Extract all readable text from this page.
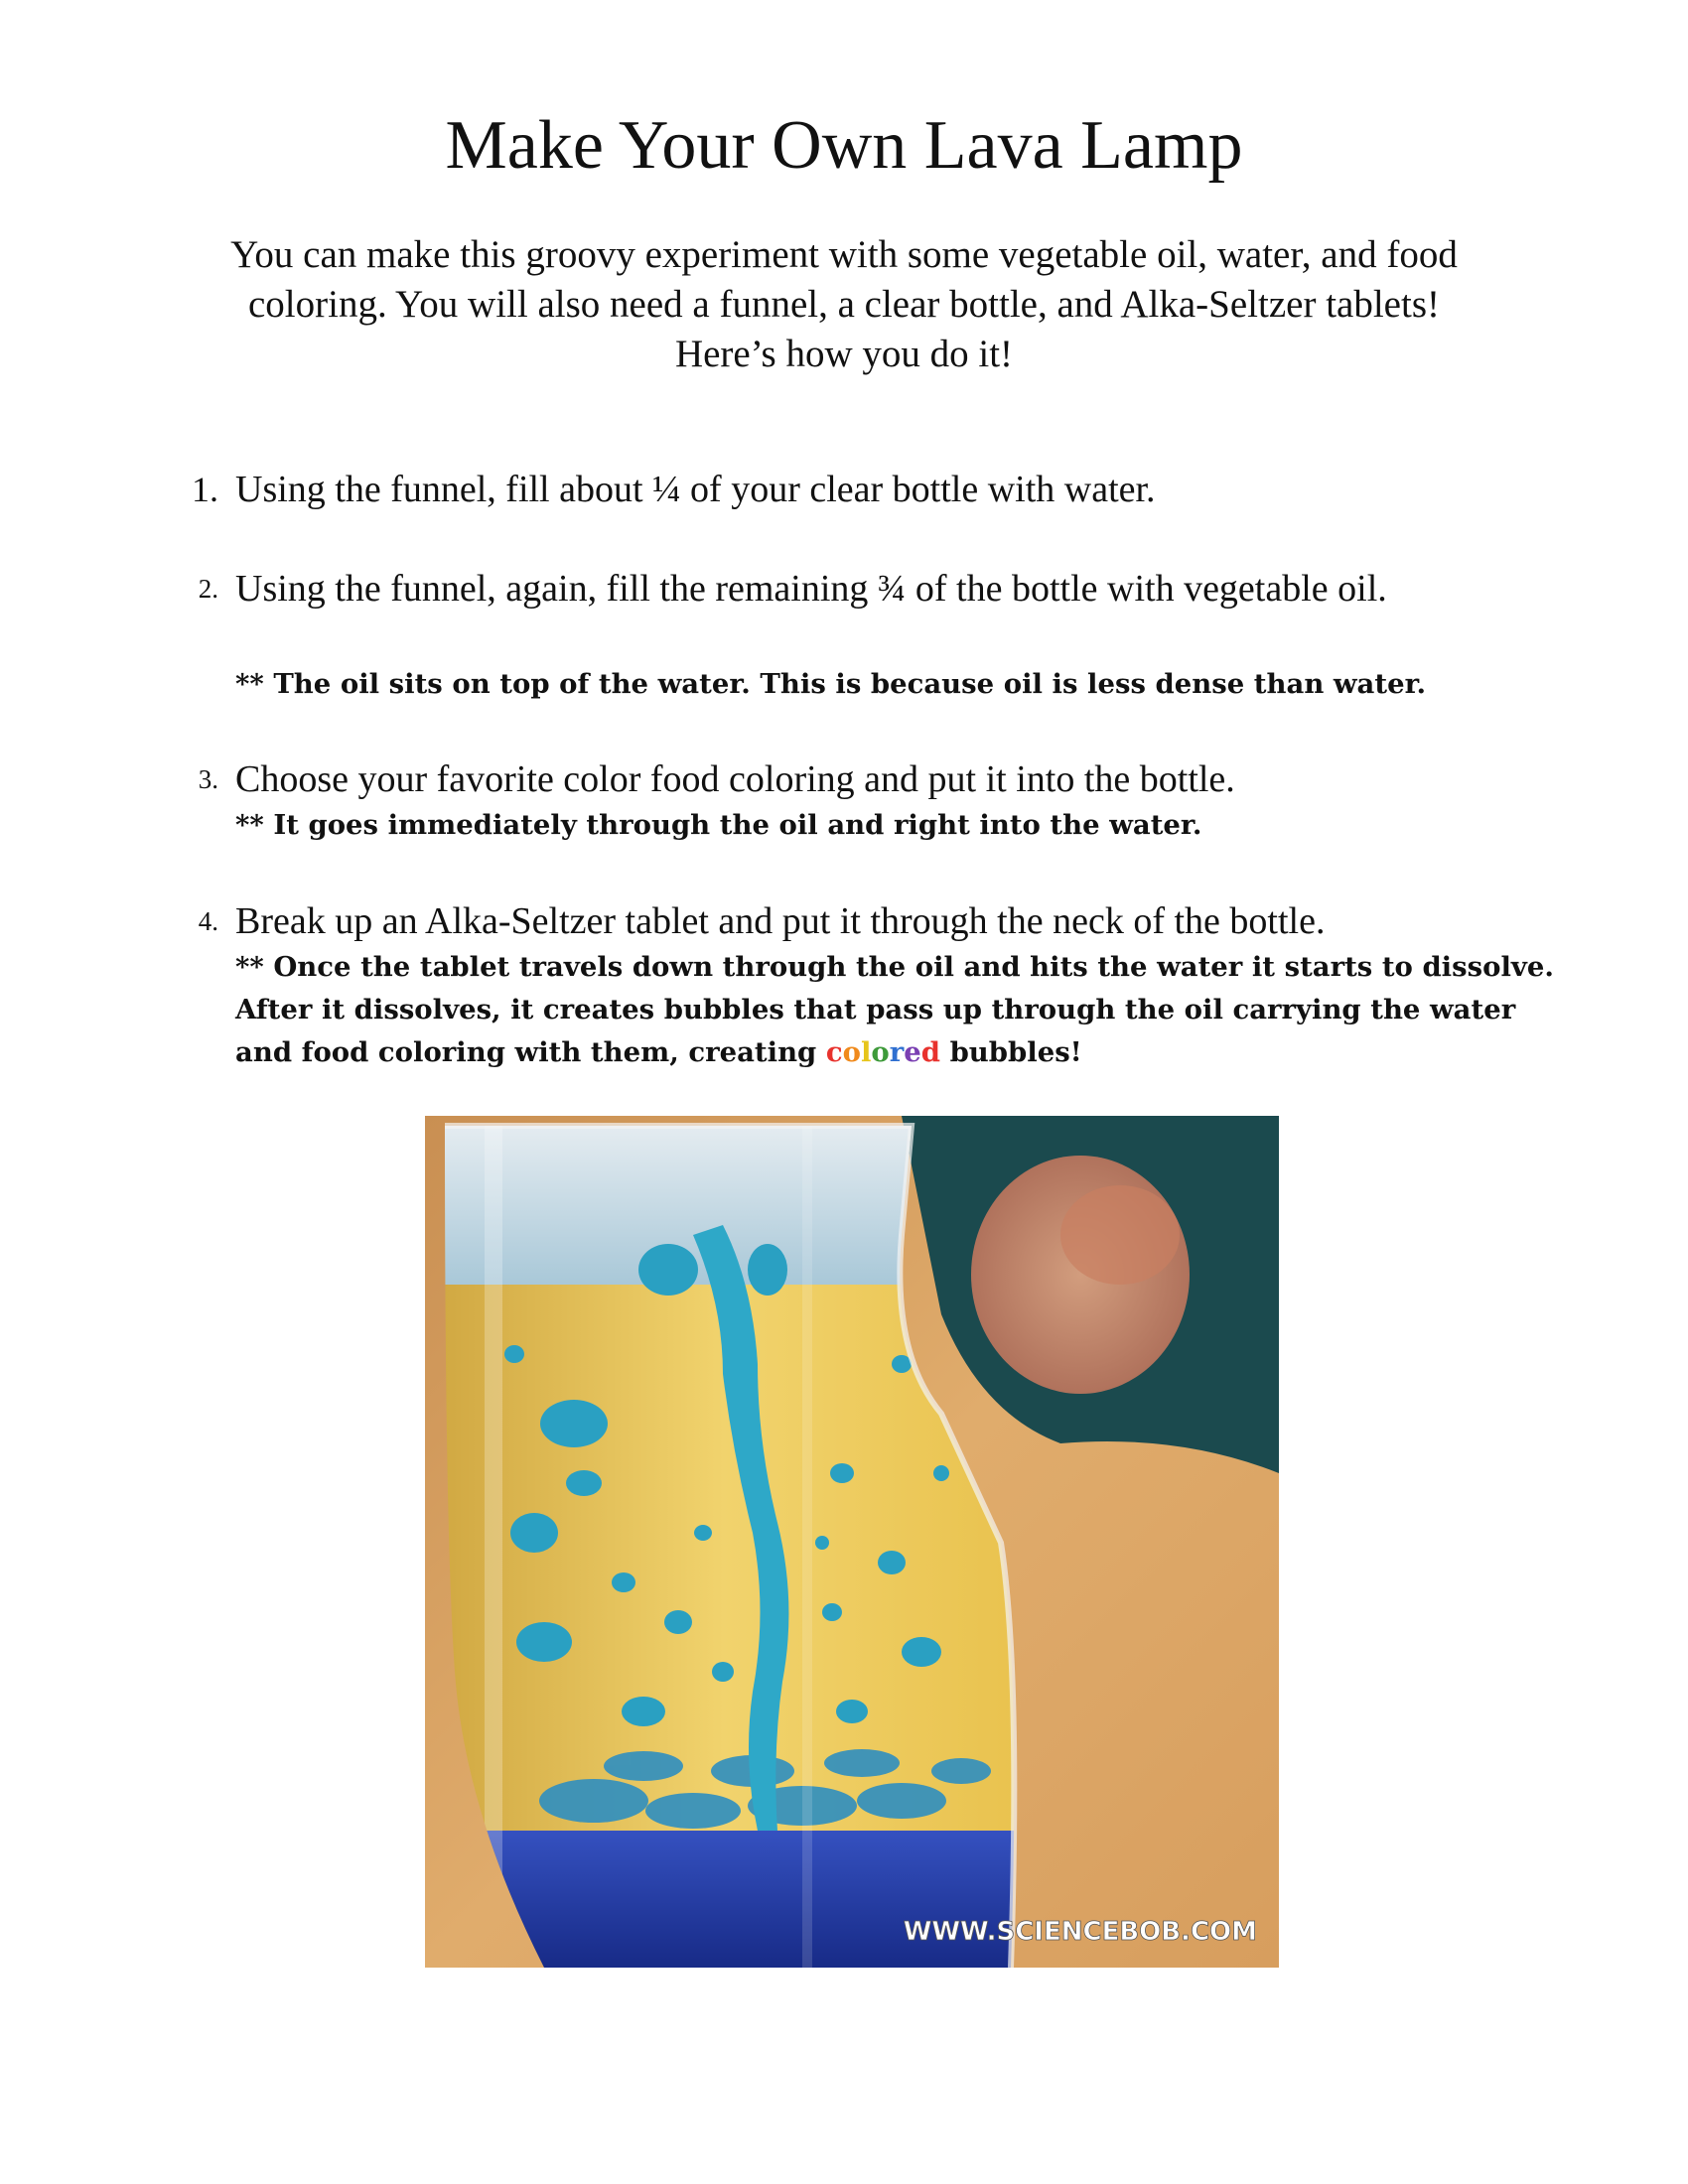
Make Your Own Lava Lamp
You can make this groovy experiment with some vegetable oil, water, and food
coloring. You will also need a funnel, a clear bottle, and Alka-Seltzer tablets!
Here’s how you do it!
1. Using the funnel, fill about ¼ of your clear bottle with water.
2. Using the funnel, again, fill the remaining ¾ of the bottle with vegetable oil.
** The oil sits on top of the water. This is because oil is less dense than water.
3. Choose your favorite color food coloring and put it into the bottle.
** It goes immediately through the oil and right into the water.
4. Break up an Alka-Seltzer tablet and put it through the neck of the bottle.
** Once the tablet travels down through the oil and hits the water it starts to dissolve. After it dissolves, it creates bubbles that pass up through the oil carrying the water and food coloring with them, creating colored bubbles!
WWW.SCIENCEBOB.COM
